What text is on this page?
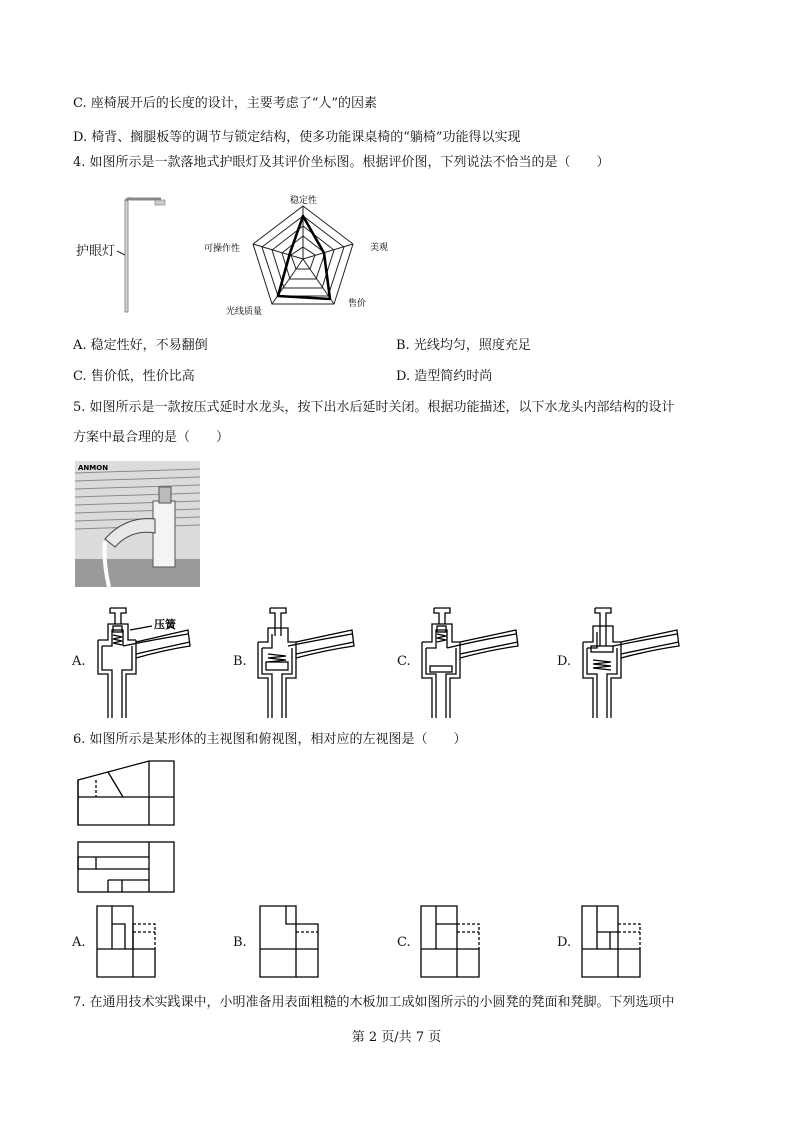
C. 座椅展开后的长度的设计，主要考虑了“人”的因素
D. 椅背、搁腿板等的调节与锁定结构，使多功能课桌椅的“躺椅”功能得以实现
4. 如图所示是一款落地式护眼灯及其评价坐标图。根据评价图，下列说法不恰当的是（　　）
护眼灯
稳定性
美观
售价
光线质量
可操作性
A. 稳定性好，不易翻倒	B. 光线均匀，照度充足
C. 售价低，性价比高	D. 造型简约时尚
5. 如图所示是一款按压式延时水龙头，按下出水后延时关闭。根据功能描述，以下水龙头内部结构的设计
方案中最合理的是（　　）
ANMON
A.
压簧
B.	C.	D.
6. 如图所示是某形体的主视图和俯视图，相对应的左视图是（　　）
A.	B.	C.	D.
7. 在通用技术实践课中，小明准备用表面粗糙的木板加工成如图所示的小圆凳的凳面和凳脚。下列选项中
第 2 页/共 7 页
